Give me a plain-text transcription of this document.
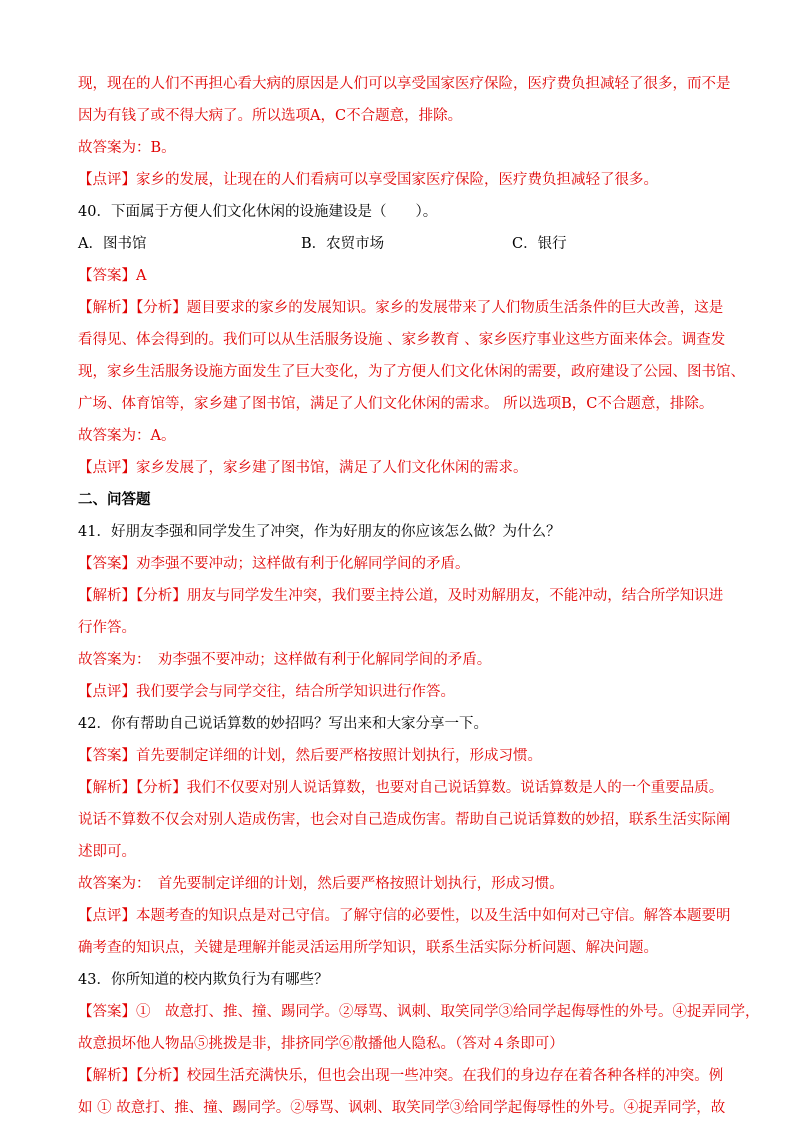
现，现在的人们不再担心看大病的原因是人们可以享受国家医疗保险，医疗费负担减轻了很多，而不是

因为有钱了或不得大病了。所以选项A，C不合题意，排除。

故答案为：B。

【点评】家乡的发展，让现在的人们看病可以享受国家医疗保险，医疗费负担减轻了很多。

40．下面属于方便人们文化休闲的设施建设是（　　）。

A．图书馆	B．农贸市场	C．银行

【答案】A

【解析】【分析】题目要求的家乡的发展知识。家乡的发展带来了人们物质生活条件的巨大改善，这是

看得见、体会得到的。我们可以从生活服务设施 、家乡教育 、家乡医疗事业这些方面来体会。调查发

现，家乡生活服务设施方面发生了巨大变化，为了方便人们文化休闲的需要，政府建设了公园、图书馆、

广场、体育馆等，家乡建了图书馆，满足了人们文化休闲的需求。 所以选项B，C不合题意，排除。

故答案为：A。

【点评】家乡发展了，家乡建了图书馆，满足了人们文化休闲的需求。

二、问答题

41．好朋友李强和同学发生了冲突，作为好朋友的你应该怎么做？为什么？

【答案】劝李强不要冲动；这样做有利于化解同学间的矛盾。

【解析】【分析】朋友与同学发生冲突，我们要主持公道，及时劝解朋友，不能冲动，结合所学知识进

行作答。

故答案为：　劝李强不要冲动；这样做有利于化解同学间的矛盾。

【点评】我们要学会与同学交往，结合所学知识进行作答。

42．你有帮助自己说话算数的妙招吗？写出来和大家分享一下。

【答案】首先要制定详细的计划，然后要严格按照计划执行，形成习惯。

【解析】【分析】我们不仅要对别人说话算数，也要对自己说话算数。说话算数是人的一个重要品质。

说话不算数不仅会对别人造成伤害，也会对自己造成伤害。帮助自己说话算数的妙招，联系生活实际阐

述即可。

故答案为：　首先要制定详细的计划，然后要严格按照计划执行，形成习惯。

【点评】本题考查的知识点是对己守信。了解守信的必要性，以及生活中如何对己守信。解答本题要明

确考查的知识点，关键是理解并能灵活运用所学知识，联系生活实际分析问题、解决问题。

43．你所知道的校内欺负行为有哪些？

【答案】①　故意打、推、撞、踢同学。②辱骂、讽刺、取笑同学③给同学起侮辱性的外号。④捉弄同学，

故意损坏他人物品⑤挑拨是非，排挤同学⑥散播他人隐私。（答对４条即可）

【解析】【分析】校园生活充满快乐，但也会出现一些冲突。在我们的身边存在着各种各样的冲突。例

如 ① 故意打、推、撞、踢同学。②辱骂、讽刺、取笑同学③给同学起侮辱性的外号。④捉弄同学，故
